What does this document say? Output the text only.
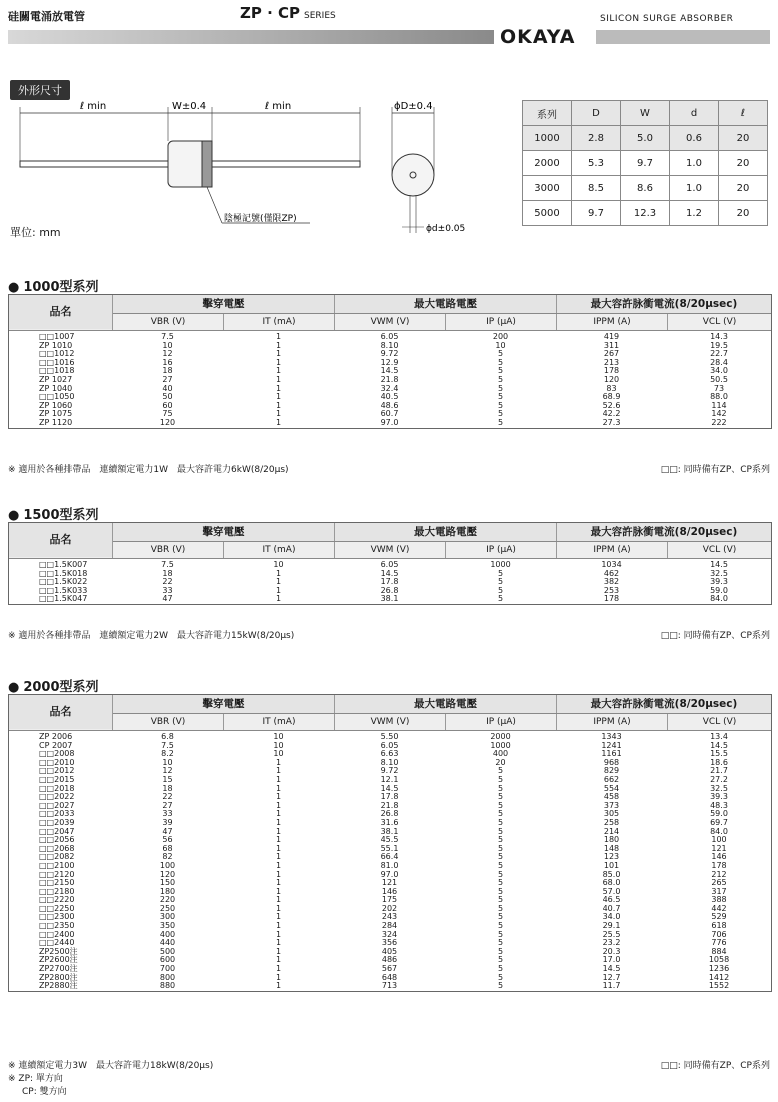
硅關電涌放電管	ZP · CP SERIES	SILICON SURGE ABSORBER
OKAYA
外形尺寸
ℓ min	W±0.4	ℓ min
陰極記號(僅限ZP)
ϕD±0.4
ϕd±0.05
單位: mm
系列	D	W	d	ℓ
1000	2.8	5.0	0.6	20
2000	5.3	9.7	1.0	20
3000	8.5	8.6	1.0	20
5000	9.7	12.3	1.2	20
● 1000型系列
品名
擊穿電壓	最大電路電壓	最大容許脉衝電流(8/20μsec)
VBR (V)	IT (mA)	VWM (V)	IP (μA)	IPPM (A)	VCL (V)
□□1007	7.5	1	6.05	200	419	14.3
ZP 1010	10	1	8.10	10	311	19.5
□□1012	12	1	9.72	5	267	22.7
□□1016	16	1	12.9	5	213	28.4
□□1018	18	1	14.5	5	178	34.0
ZP 1027	27	1	21.8	5	120	50.5
ZP 1040	40	1	32.4	5	83	73
□□1050	50	1	40.5	5	68.9	88.0
ZP 1060	60	1	48.6	5	52.6	114
ZP 1075	75	1	60.7	5	42.2	142
ZP 1120	120	1	97.0	5	27.3	222
※ 適用於各種排帶品　連續額定電力1W　最大容許電力6kW(8/20μs)	□□: 同時備有ZP、CP系列
● 1500型系列
品名
擊穿電壓	最大電路電壓	最大容許脉衝電流(8/20μsec)
VBR (V)	IT (mA)	VWM (V)	IP (μA)	IPPM (A)	VCL (V)
□□1.5K007	7.5	10	6.05	1000	1034	14.5
□□1.5K018	18	1	14.5	5	462	32.5
□□1.5K022	22	1	17.8	5	382	39.3
□□1.5K033	33	1	26.8	5	253	59.0
□□1.5K047	47	1	38.1	5	178	84.0
※ 適用於各種排帶品　連續額定電力2W　最大容許電力15kW(8/20μs)	□□: 同時備有ZP、CP系列
● 2000型系列
品名
擊穿電壓	最大電路電壓	最大容許脉衝電流(8/20μsec)
VBR (V)	IT (mA)	VWM (V)	IP (μA)	IPPM (A)	VCL (V)
ZP 2006	6.8	10	5.50	2000	1343	13.4
CP 2007	7.5	10	6.05	1000	1241	14.5
□□2008	8.2	10	6.63	400	1161	15.5
□□2010	10	1	8.10	20	968	18.6
□□2012	12	1	9.72	5	829	21.7
□□2015	15	1	12.1	5	662	27.2
□□2018	18	1	14.5	5	554	32.5
□□2022	22	1	17.8	5	458	39.3
□□2027	27	1	21.8	5	373	48.3
□□2033	33	1	26.8	5	305	59.0
□□2039	39	1	31.6	5	258	69.7
□□2047	47	1	38.1	5	214	84.0
□□2056	56	1	45.5	5	180	100
□□2068	68	1	55.1	5	148	121
□□2082	82	1	66.4	5	123	146
□□2100	100	1	81.0	5	101	178
□□2120	120	1	97.0	5	85.0	212
□□2150	150	1	121	5	68.0	265
□□2180	180	1	146	5	57.0	317
□□2220	220	1	175	5	46.5	388
□□2250	250	1	202	5	40.7	442
□□2300	300	1	243	5	34.0	529
□□2350	350	1	284	5	29.1	618
□□2400	400	1	324	5	25.5	706
□□2440	440	1	356	5	23.2	776
ZP2500注	500	1	405	5	20.3	884
ZP2600注	600	1	486	5	17.0	1058
ZP2700注	700	1	567	5	14.5	1236
ZP2800注	800	1	648	5	12.7	1412
ZP2880注	880	1	713	5	11.7	1552
※ 連續額定電力3W　最大容許電力18kW(8/20μs)	□□: 同時備有ZP、CP系列
※ ZP: 單方向
CP: 雙方向
